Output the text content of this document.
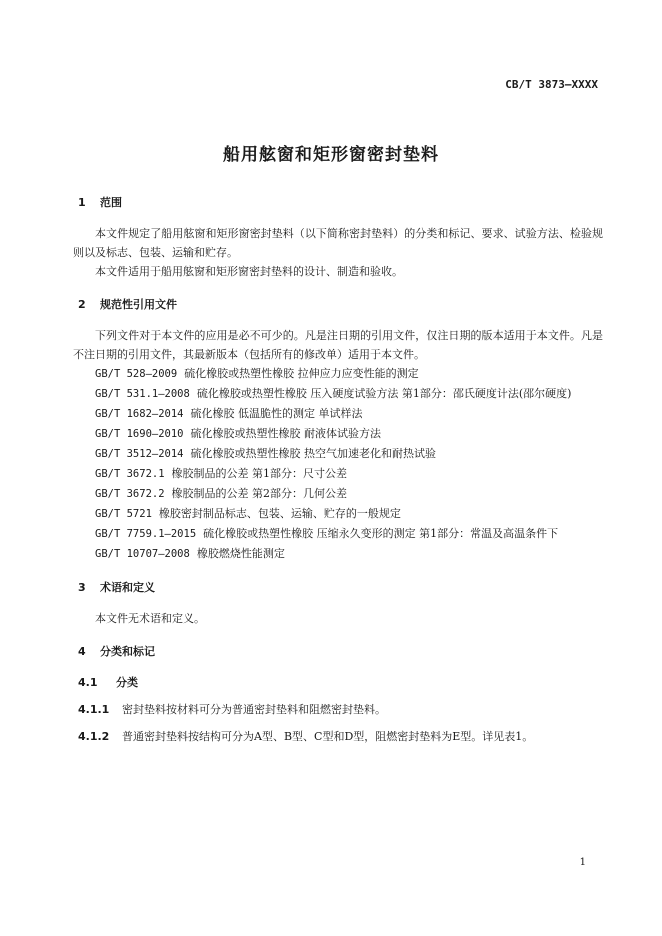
CB/T 3873—XXXX
船用舷窗和矩形窗密封垫料

1 范围

本文件规定了船用舷窗和矩形窗密封垫料（以下简称密封垫料）的分类和标记、要求、试验方法、检验规则以及标志、包装、运输和贮存。

本文件适用于船用舷窗和矩形窗密封垫料的设计、制造和验收。

2 规范性引用文件

下列文件对于本文件的应用是必不可少的。凡是注日期的引用文件，仅注日期的版本适用于本文件。凡是不注日期的引用文件，其最新版本（包括所有的修改单）适用于本文件。

GB/T 528—2009 硫化橡胶或热塑性橡胶 拉伸应力应变性能的测定

GB/T 531.1—2008 硫化橡胶或热塑性橡胶 压入硬度试验方法 第1部分：邵氏硬度计法(邵尔硬度)

GB/T 1682—2014 硫化橡胶 低温脆性的测定 单试样法

GB/T 1690—2010 硫化橡胶或热塑性橡胶 耐液体试验方法

GB/T 3512—2014 硫化橡胶或热塑性橡胶 热空气加速老化和耐热试验

GB/T 3672.1 橡胶制品的公差 第1部分：尺寸公差

GB/T 3672.2 橡胶制品的公差 第2部分：几何公差

GB/T 5721 橡胶密封制品标志、包装、运输、贮存的一般规定

GB/T 7759.1—2015 硫化橡胶或热塑性橡胶 压缩永久变形的测定 第1部分：常温及高温条件下

GB/T 10707—2008 橡胶燃烧性能测定

3 术语和定义

本文件无术语和定义。

4 分类和标记

4.1 分类

4.1.1 密封垫料按材料可分为普通密封垫料和阻燃密封垫料。

4.1.2 普通密封垫料按结构可分为A型、B型、C型和D型，阻燃密封垫料为E型。详见表1。

1
